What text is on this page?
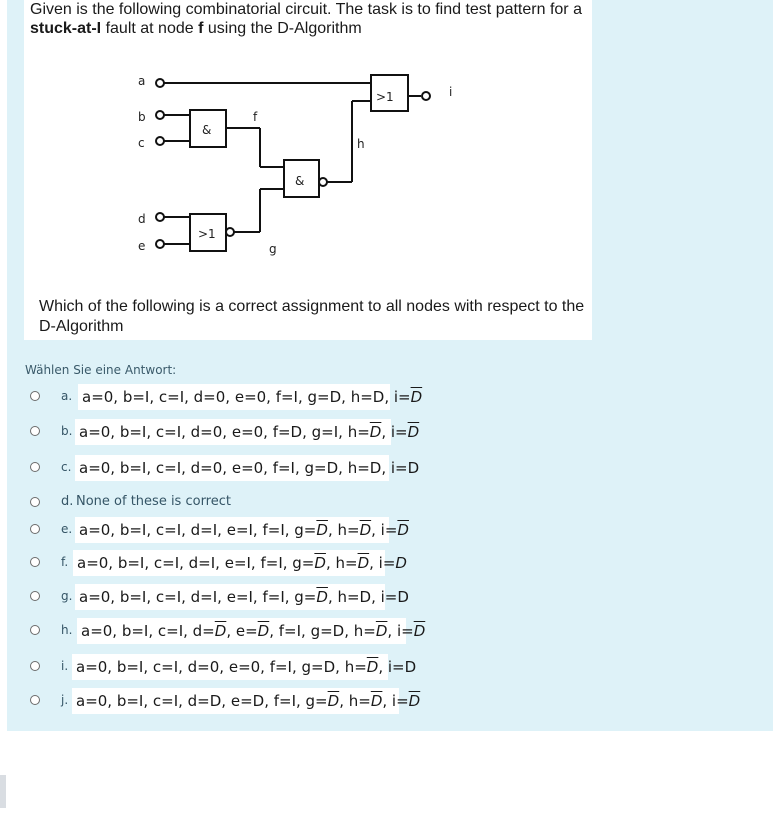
Given is the following combinatorial circuit. The task is to find test pattern for a
stuck-at-I fault at node f using the D-Algorithm
a
b
c
d
e
f
g
h
i
&
&
>1
>1
Which of the following is a correct assignment to all nodes with respect to the D-Algorithm
Wählen Sie eine Antwort:
a. a=0, b=I, c=I, d=0, e=0, f=I, g=D, h=D, $i=\overline{D}$
b. a=0, b=I, c=I, d=0, e=0, f=D, g=I, $h=\overline{D}$, $i=\overline{D}$
c. a=0, b=I, c=I, d=0, e=0, f=I, g=D, h=D, i=D
d. None of these is correct
e. a=0, b=I, c=I, d=I, e=I, f=I, $g=\overline{D}$, $h=\overline{D}$, $i=\overline{D}$
f. a=0, b=I, c=I, d=I, e=I, f=I, $g=\overline{D}$, $h=\overline{D}$, i=D
g. a=0, b=I, c=I, d=I, e=I, f=I, $g=\overline{D}$, h=D, i=D
h. a=0, b=I, c=I, $d=\overline{D}$, $e=\overline{D}$, f=I, g=D, $h=\overline{D}$, $i=\overline{D}$
i. a=0, b=I, c=I, d=0, e=0, f=I, g=D, $h=\overline{D}$, i=D
j. a=0, b=I, c=I, d=D, e=D, f=I, $g=\overline{D}$, $h=\overline{D}$, $i=\overline{D}$
